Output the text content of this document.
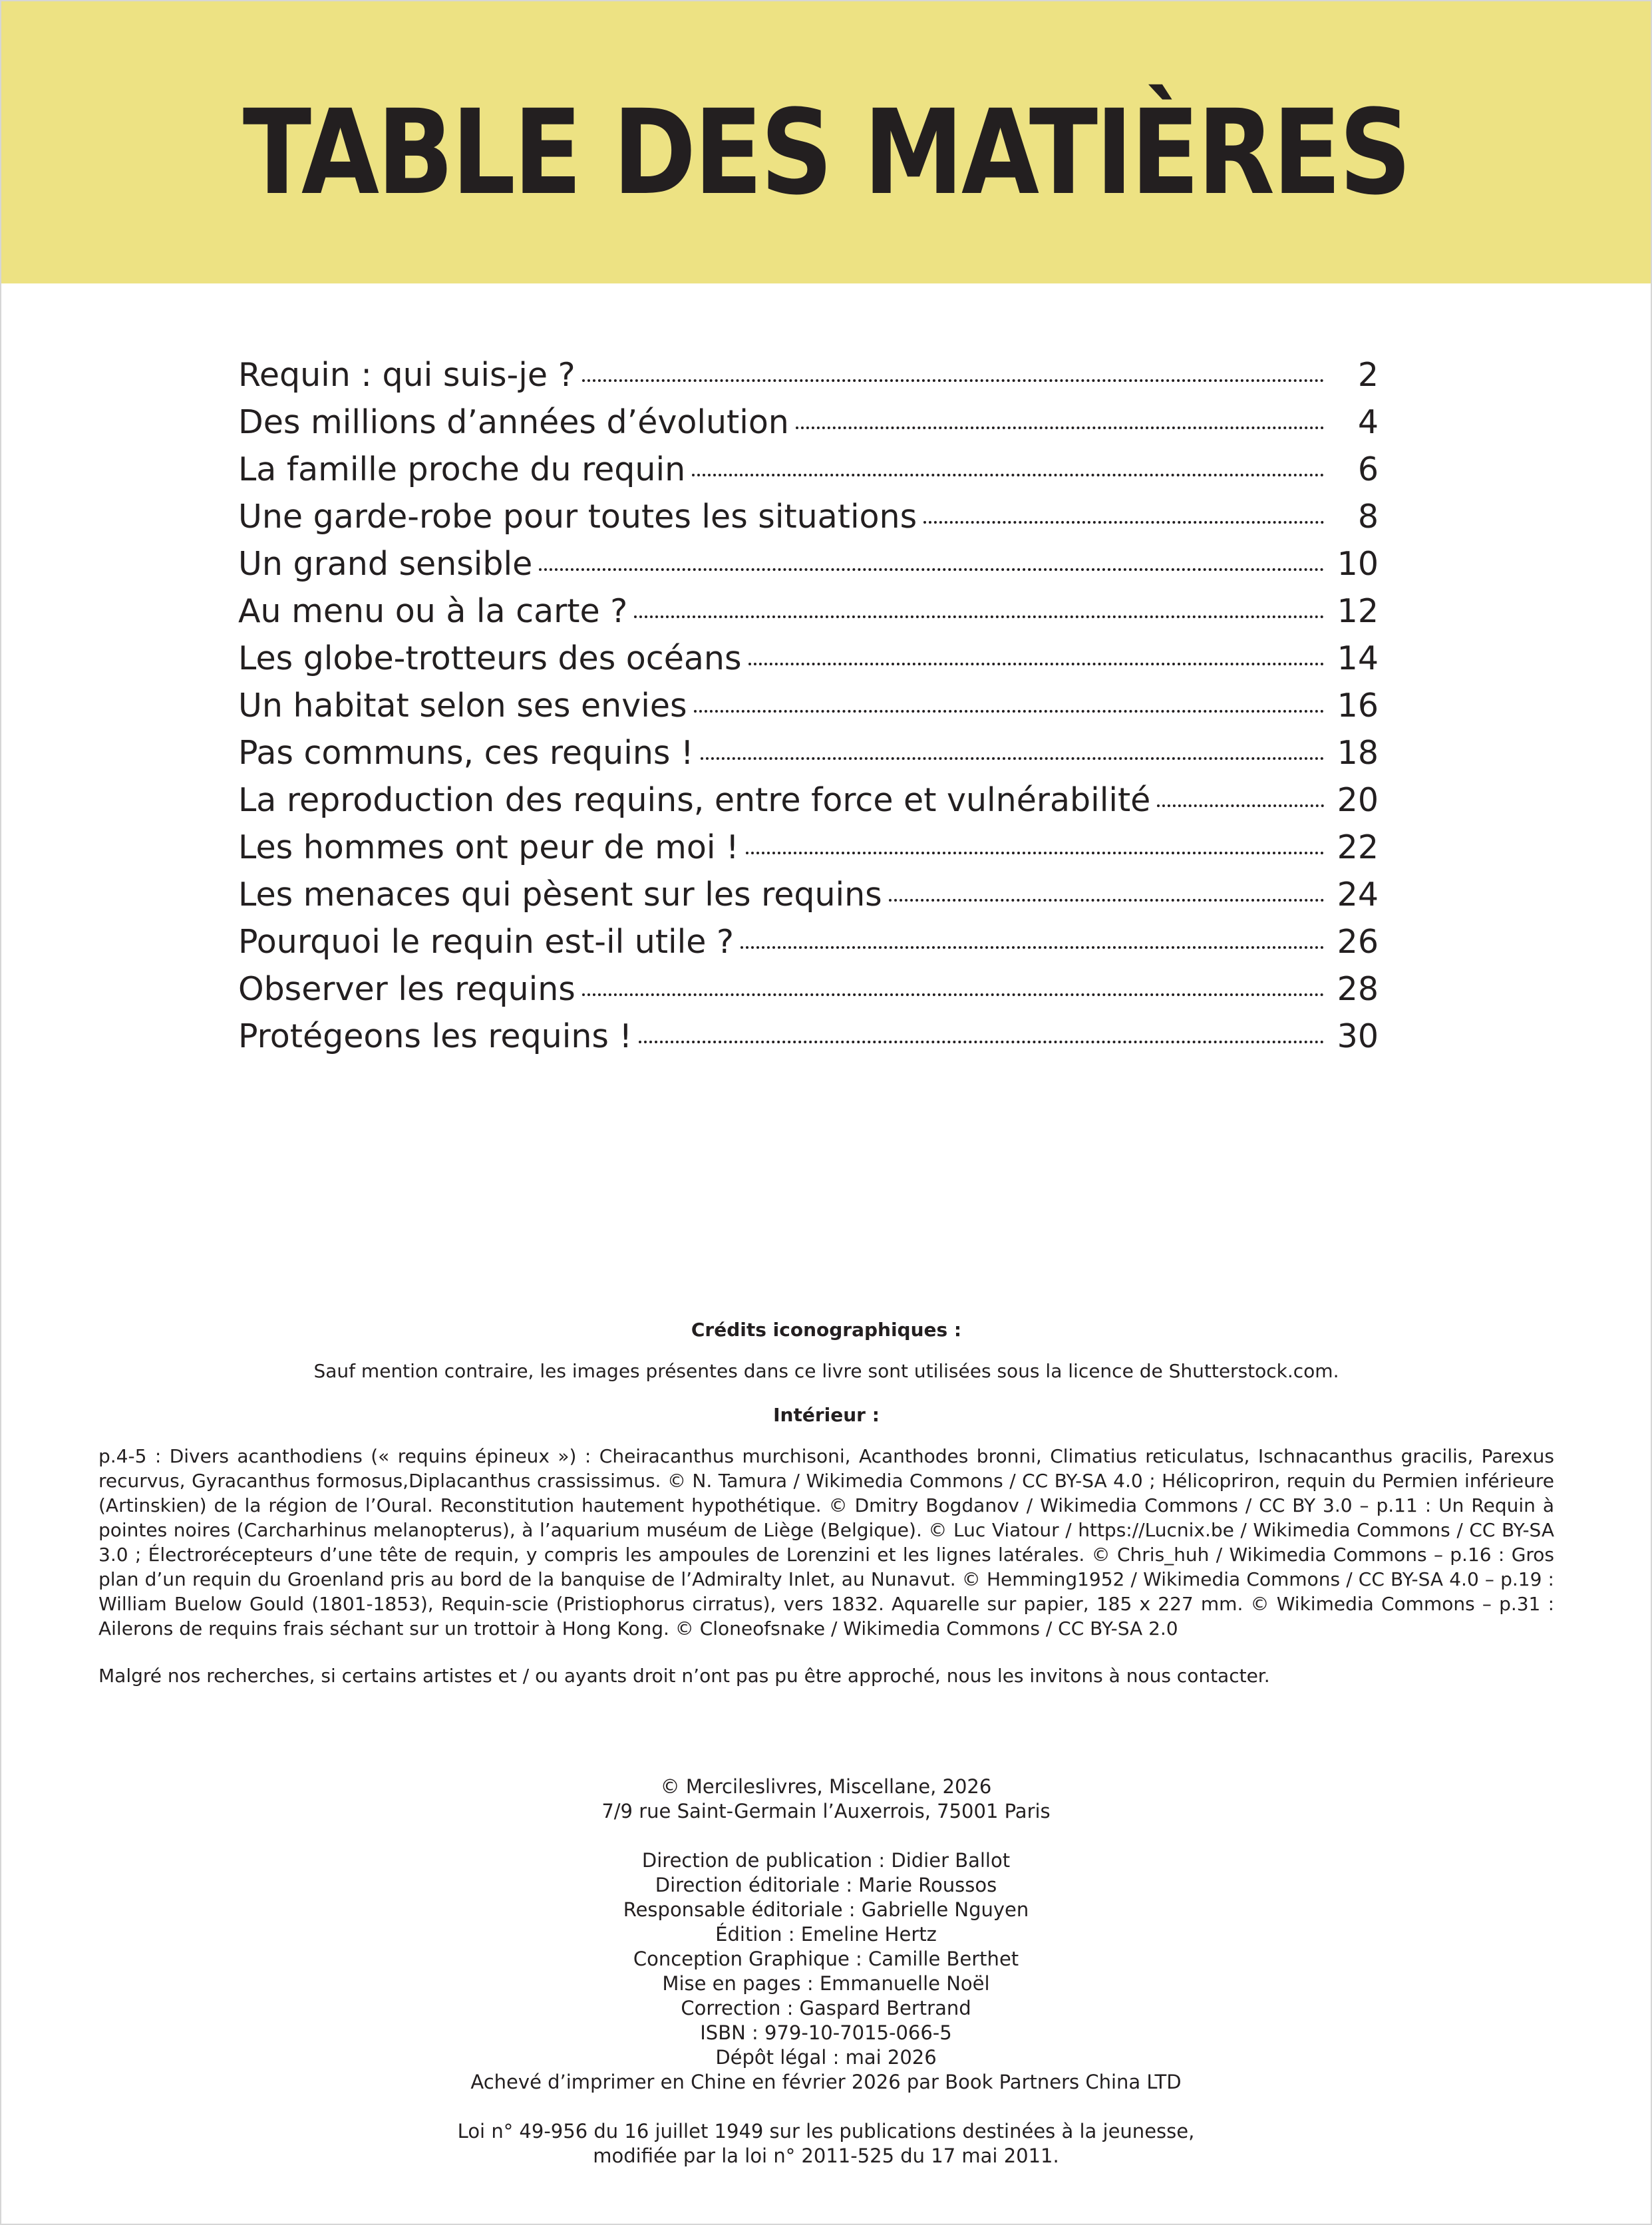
TABLE DES MATIÈRES
Requin : qui suis-je ?	2
Des millions d’années d’évolution	4
La famille proche du requin	6
Une garde-robe pour toutes les situations	8
Un grand sensible	10
Au menu ou à la carte ?	12
Les globe-trotteurs des océans	14
Un habitat selon ses envies	16
Pas communs, ces requins !	18
La reproduction des requins, entre force et vulnérabilité	20
Les hommes ont peur de moi !	22
Les menaces qui pèsent sur les requins	24
Pourquoi le requin est-il utile ?	26
Observer les requins	28
Protégeons les requins !	30

Crédits iconographiques :

Sauf mention contraire, les images présentes dans ce livre sont utilisées sous la licence de Shutterstock.com.

Intérieur :

p.4-5 : Divers acanthodiens (« requins épineux ») : Cheiracanthus murchisoni, Acanthodes bronni, Climatius reticulatus, Ischnacanthus gracilis, Parexus recurvus, Gyracanthus formosus,Diplacanthus crassissimus. © N. Tamura / Wikimedia Commons / CC BY-SA 4.0 ; Hélicopriron, requin du Permien inférieure (Artinskien) de la région de l’Oural. Reconstitution hautement hypothétique. © Dmitry Bogdanov / Wikimedia Commons / CC BY 3.0 – p.11 : Un Requin à pointes noires (Carcharhinus melanopterus), à l’aquarium muséum de Liège (Belgique). © Luc Viatour / https://Lucnix.be / Wikimedia Commons / CC BY-SA 3.0 ; Électrorécepteurs d’une tête de requin, y compris les ampoules de Lorenzini et les lignes latérales. © Chris_huh / Wikimedia Commons – p.16 : Gros plan d’un requin du Groenland pris au bord de la banquise de l’Admiralty Inlet, au Nunavut. © Hemming1952 / Wikimedia Commons / CC BY-SA 4.0 – p.19 : William Buelow Gould (1801-1853), Requin-scie (Pristiophorus cirratus), vers 1832. Aquarelle sur papier, 185 x 227 mm. © Wikimedia Commons – p.31 : Ailerons de requins frais séchant sur un trottoir à Hong Kong. © Cloneofsnake / Wikimedia Commons / CC BY-SA 2.0

Malgré nos recherches, si certains artistes et / ou ayants droit n’ont pas pu être approché, nous les invitons à nous contacter.

© Mercileslivres, Miscellane, 2026

7/9 rue Saint-Germain l’Auxerrois, 75001 Paris

Direction de publication : Didier Ballot

Direction éditoriale : Marie Roussos

Responsable éditoriale : Gabrielle Nguyen

Édition : Emeline Hertz

Conception Graphique : Camille Berthet

Mise en pages : Emmanuelle Noël

Correction : Gaspard Bertrand

ISBN : 979-10-7015-066-5

Dépôt légal : mai 2026

Achevé d’imprimer en Chine en février 2026 par Book Partners China LTD

Loi n° 49-956 du 16 juillet 1949 sur les publications destinées à la jeunesse,

modifiée par la loi n° 2011-525 du 17 mai 2011.
